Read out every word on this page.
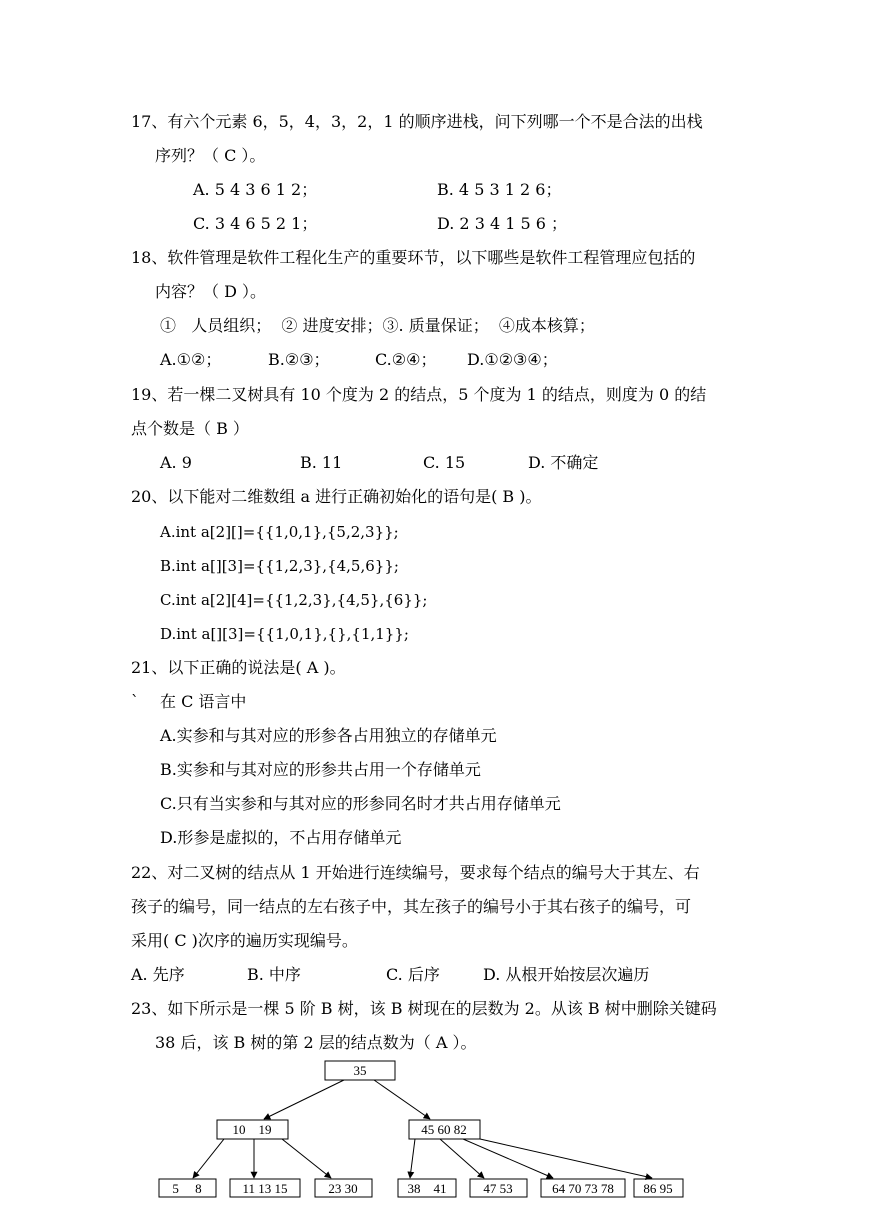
17、有六个元素 6，5，4，3，2，1 的顺序进栈，问下列哪一个不是合法的出栈
序列？（ C ）。
A. 5 4 3 6 1 2；	B. 4 5 3 1 2 6；
C. 3 4 6 5 2 1；	D. 2 3 4 1 5 6 ；
18、软件管理是软件工程化生产的重要环节，以下哪些是软件工程管理应包括的
内容？（ D ）。
①   人员组织；  ② 进度安排；③. 质量保证；  ④成本核算；
A.①②；	B.②③；	C.②④； D.①②③④；
19、若一棵二叉树具有 10 个度为 2 的结点，5 个度为 1 的结点，则度为 0 的结
点个数是（ B ）
A. 9	B. 11	C. 15	D. 不确定
20、以下能对二维数组 a 进行正确初始化的语句是( B )。
A.int a[2][]={{1,0,1},{5,2,3}};
B.int a[][3]={{1,2,3},{4,5,6}};
C.int a[2][4]={{1,2,3},{4,5},{6}};
D.int a[][3]={{1,0,1},{},{1,1}};
21、以下正确的说法是( A )。
` 在 C 语言中
A.实参和与其对应的形参各占用独立的存储单元
B.实参和与其对应的形参共占用一个存储单元
C.只有当实参和与其对应的形参同名时才共占用存储单元
D.形参是虚拟的，不占用存储单元
22、对二叉树的结点从 1 开始进行连续编号，要求每个结点的编号大于其左、右
孩子的编号，同一结点的左右孩子中，其左孩子的编号小于其右孩子的编号，可
采用( C )次序的遍历实现编号。
A. 先序	B. 中序	C. 后序	D. 从根开始按层次遍历
23、如下所示是一棵 5 阶 B 树，该 B 树现在的层数为 2。从该 B 树中删除关键码
38 后，该 B 树的第 2 层的结点数为（ A ）。
35
10    19	45 60 82
5     8	11 13 15	23 30	38    41	47 53	64 70 73 78 86 95
